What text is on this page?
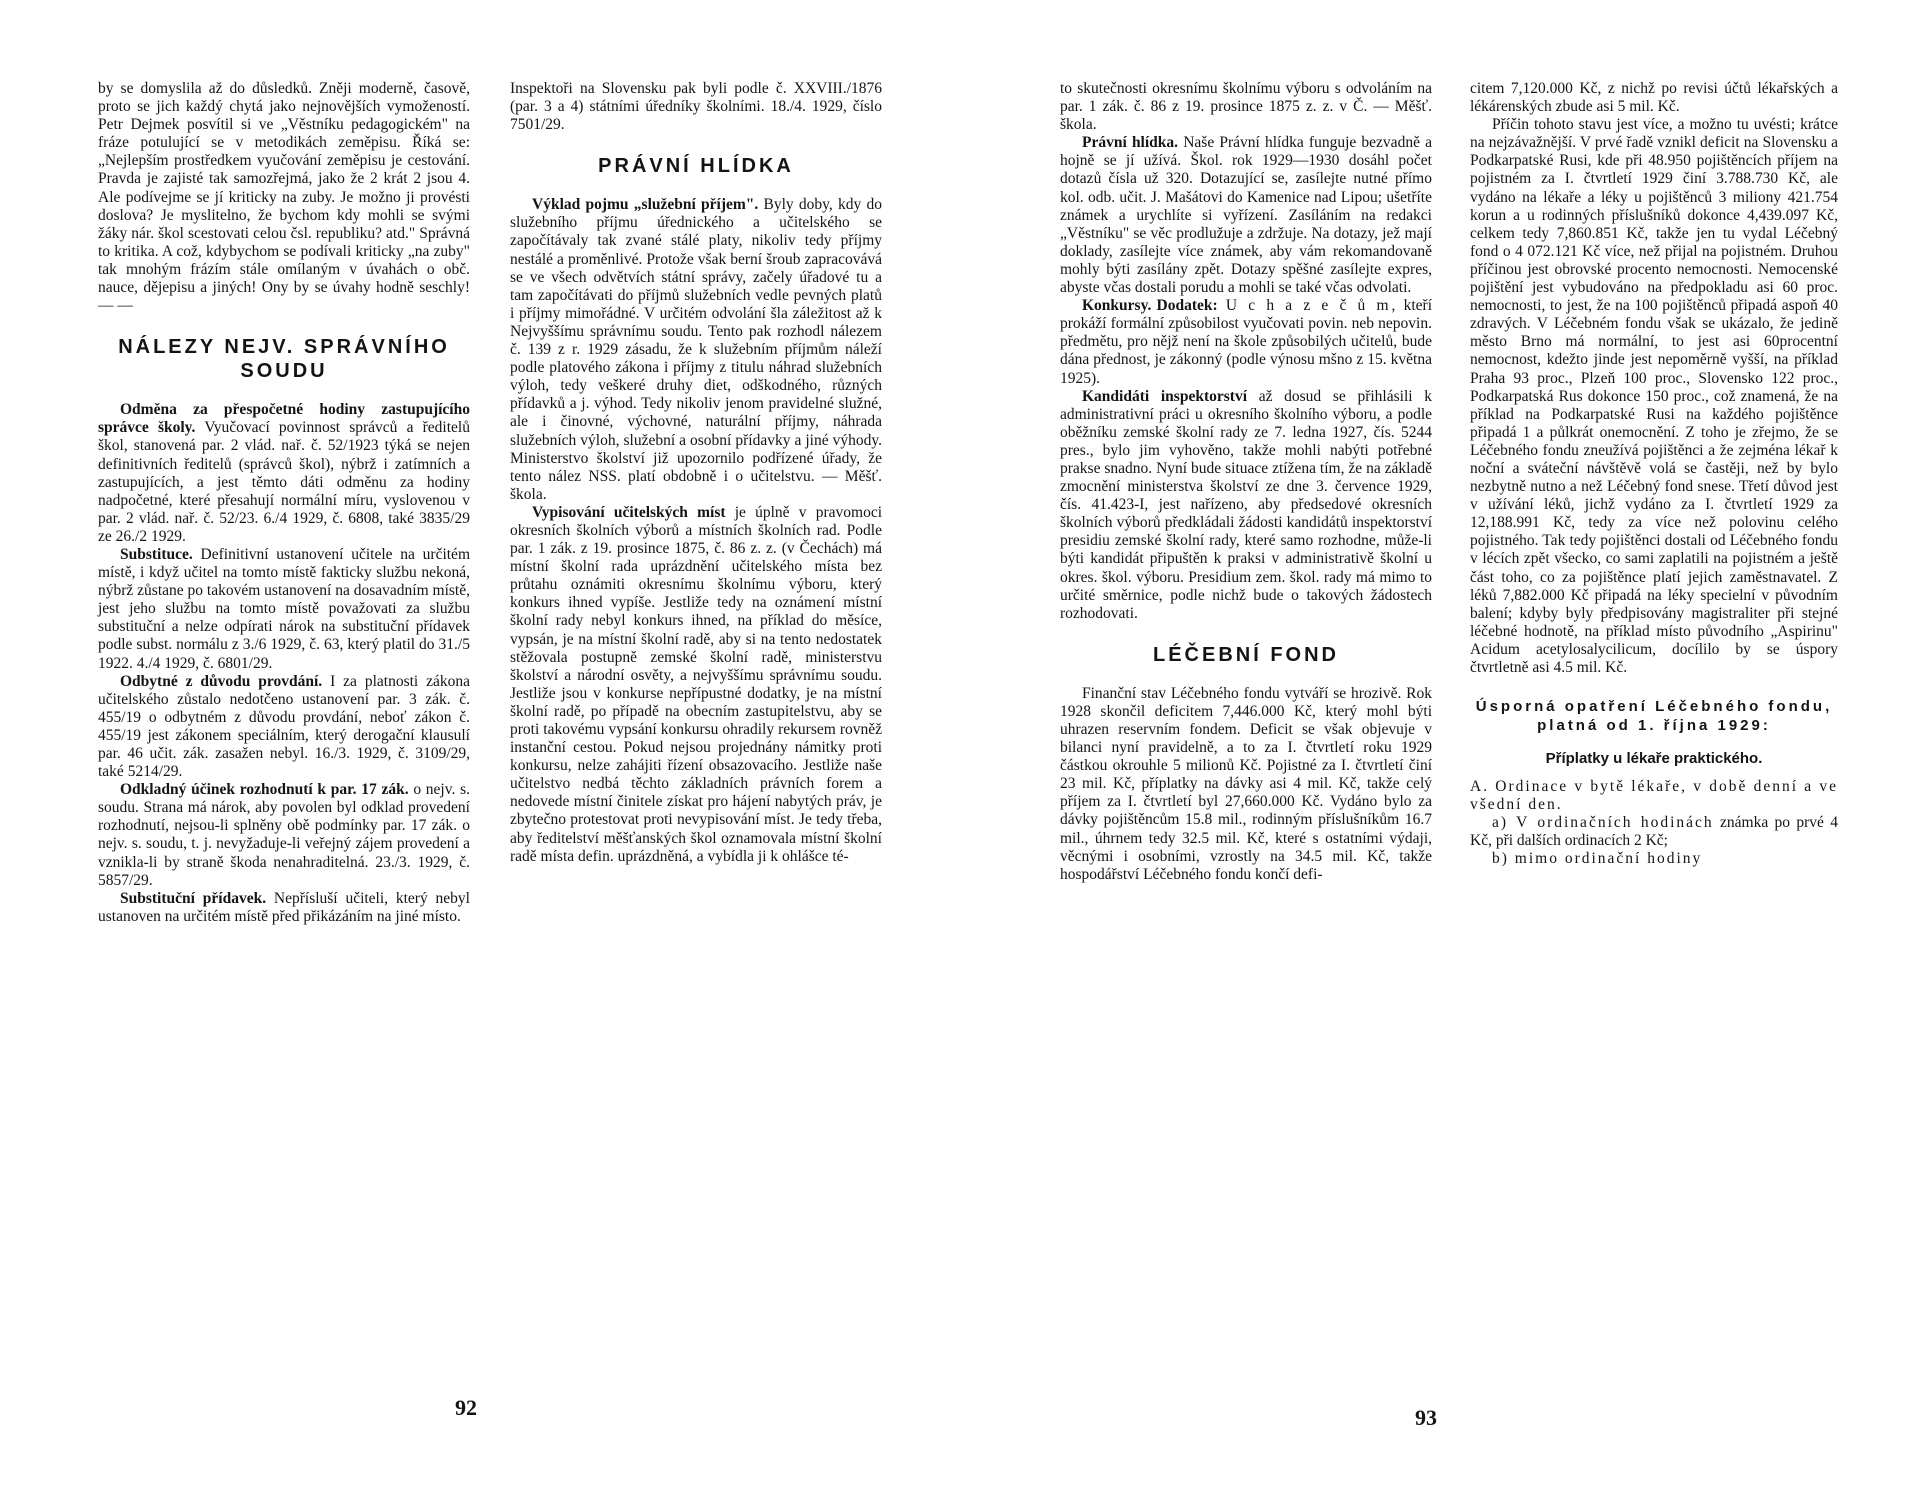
by se domyslila až do důsledků. Zněji moderně, časově, proto se jich každý chytá jako nejnovějších vymožeností. Petr Dejmek posvítil si ve „Věstníku pedagogickém" na fráze potulující se v metodikách zeměpisu. Říká se: „Nejlepším prostředkem vyučování zeměpisu je cestování. Pravda je zajisté tak samozřejmá, jako že 2 krát 2 jsou 4. Ale podívejme se jí kriticky na zuby. Je možno ji provésti doslova? Je myslitelno, že bychom kdy mohli se svými žáky nár. škol scestovati celou čsl. republiku? atd." Správná to kritika. A což, kdybychom se podívali kriticky „na zuby" tak mnohým frázím stále omílaným v úvahách o obč. nauce, dějepisu a jiných! Ony by se úvahy hodně seschly! — —

NÁLEZY NEJV. SPRÁVNÍHO SOUDU

Odměna za přespočetné hodiny zastupujícího správce školy. Vyučovací povinnost správců a ředitelů škol, stanovená par. 2 vlád. nař. č. 52/1923 týká se nejen definitivních ředitelů (správců škol), nýbrž i zatímních a zastupujících, a jest těmto dáti odměnu za hodiny nadpočetné, které přesahují normální míru, vyslovenou v par. 2 vlád. nař. č. 52/23. 6./4 1929, č. 6808, také 3835/29 ze 26./2 1929.

Substituce. Definitivní ustanovení učitele na určitém místě, i když učitel na tomto místě fakticky službu nekoná, nýbrž zůstane po takovém ustanovení na dosavadním místě, jest jeho službu na tomto místě považovati za službu substituční a nelze odpírati nárok na substituční přídavek podle subst. normálu z 3./6 1929, č. 63, který platil do 31./5 1922. 4./4 1929, č. 6801/29.

Odbytné z důvodu provdání. I za platnosti zákona učitelského zůstalo nedotčeno ustanovení par. 3 zák. č. 455/19 o odbytném z důvodu provdání, neboť zákon č. 455/19 jest zákonem speciálním, který derogační klausulí par. 46 učit. zák. zasažen nebyl. 16./3. 1929, č. 3109/29, také 5214/29.

Odkladný účinek rozhodnutí k par. 17 zák. o nejv. s. soudu. Strana má nárok, aby povolen byl odklad provedení rozhodnutí, nejsou-li splněny obě podmínky par. 17 zák. o nejv. s. soudu, t. j. nevyžaduje-li veřejný zájem provedení a vznikla-li by straně škoda nenahraditelná. 23./3. 1929, č. 5857/29.

Substituční přídavek. Nepřísluší učiteli, který nebyl ustanoven na určitém místě před přikázáním na jiné místo.

Inspektoři na Slovensku pak byli podle č. XXVIII./1876 (par. 3 a 4) státními úředníky školními. 18./4. 1929, číslo 7501/29.

PRÁVNÍ HLÍDKA

Výklad pojmu „služební příjem". Byly doby, kdy do služebního příjmu úřednického a učitelského se započítávaly tak zvané stálé platy, nikoliv tedy příjmy nestálé a proměnlivé. Protože však berní šroub zapracovává se ve všech odvětvích státní správy, začely úřadové tu a tam započítávati do příjmů služebních vedle pevných platů i příjmy mimořádné. V určitém odvolání šla záležitost až k Nejvyššímu správnímu soudu. Tento pak rozhodl nálezem č. 139 z r. 1929 zásadu, že k služebním příjmům náleží podle platového zákona i příjmy z titulu náhrad služebních výloh, tedy veškeré druhy diet, odškodného, různých přídavků a j. výhod. Tedy nikoliv jenom pravidelné služné, ale i činovné, výchovné, naturální příjmy, náhrada služebních výloh, služební a osobní přídavky a jiné výhody. Ministerstvo školství již upozornilo podřízené úřady, že tento nález NSS. platí obdobně i o učitelstvu. — Měšť. škola.

Vypisování učitelských míst je úplně v pravomoci okresních školních výborů a místních školních rad. Podle par. 1 zák. z 19. prosince 1875, č. 86 z. z. (v Čechách) má místní školní rada uprázdnění učitelského místa bez průtahu oznámiti okresnímu školnímu výboru, který konkurs ihned vypíše. Jestliže tedy na oznámení místní školní rady nebyl konkurs ihned, na příklad do měsíce, vypsán, je na místní školní radě, aby si na tento nedostatek stěžovala postupně zemské školní radě, ministerstvu školství a národní osvěty, a nejvyššímu správnímu soudu. Jestliže jsou v konkurse nepřípustné dodatky, je na místní školní radě, po případě na obecním zastupitelstvu, aby se proti takovému vypsání konkursu ohradily rekursem rovněž instanční cestou. Pokud nejsou projednány námitky proti konkursu, nelze zahájiti řízení obsazovacího. Jestliže naše učitelstvo nedbá těchto základních právních forem a nedovede místní činitele získat pro hájení nabytých práv, je zbytečno protestovat proti nevypisování míst. Je tedy třeba, aby ředitelství měšťanských škol oznamovala místní školní radě místa defin. uprázdněná, a vybídla ji k ohlášce té-

92

to skutečnosti okresnímu školnímu výboru s odvoláním na par. 1 zák. č. 86 z 19. prosince 1875 z. z. v Č. — Měšť. škola.

Právní hlídka. Naše Právní hlídka funguje bezvadně a hojně se jí užívá. Škol. rok 1929—1930 dosáhl počet dotazů čísla už 320. Dotazující se, zasílejte nutné přímo kol. odb. učit. J. Mašátovi do Kamenice nad Lipou; ušetříte známek a urychlíte si vyřízení. Zasíláním na redakci „Věstníku" se věc prodlužuje a zdržuje. Na dotazy, jež mají doklady, zasílejte více známek, aby vám rekomandovaně mohly býti zasílány zpět. Dotazy spěšné zasílejte expres, abyste včas dostali porudu a mohli se také včas odvolati.

Konkursy. Dodatek: U c h a z e č ů m, kteří prokáží formální způsobilost vyučovati povin. neb nepovin. předmětu, pro nějž není na škole způsobilých učitelů, bude dána přednost, je zákonný (podle výnosu mšno z 15. května 1925).

Kandidáti inspektorství až dosud se přihlásili k administrativní práci u okresního školního výboru, a podle oběžníku zemské školní rady ze 7. ledna 1927, čís. 5244 pres., bylo jim vyhověno, takže mohli nabýti potřebné prakse snadno. Nyní bude situace ztížena tím, že na základě zmocnění ministerstva školství ze dne 3. července 1929, čís. 41.423-I, jest nařízeno, aby předsedové okresních školních výborů předkládali žádosti kandidátů inspektorství presidiu zemské školní rady, které samo rozhodne, může-li býti kandidát připuštěn k praksi v administrativě školní u okres. škol. výboru. Presidium zem. škol. rady má mimo to určité směrnice, podle nichž bude o takových žádostech rozhodovati.

LÉČEBNÍ FOND

Finanční stav Léčebného fondu vytváří se hrozivě. Rok 1928 skončil deficitem 7,446.000 Kč, který mohl býti uhrazen reservním fondem. Deficit se však objevuje v bilanci nyní pravidelně, a to za I. čtvrtletí roku 1929 částkou okrouhle 5 milionů Kč. Pojistné za I. čtvrtletí činí 23 mil. Kč, příplatky na dávky asi 4 mil. Kč, takže celý příjem za I. čtvrtletí byl 27,660.000 Kč. Vydáno bylo za dávky pojištěncům 15.8 mil., rodinným příslušníkům 16.7 mil., úhrnem tedy 32.5 mil. Kč, které s ostatními výdaji, věcnými i osobními, vzrostly na 34.5 mil. Kč, takže hospodářství Léčebného fondu končí defi-

citem 7,120.000 Kč, z nichž po revisi účtů lékařských a lékárenských zbude asi 5 mil. Kč.

Příčin tohoto stavu jest více, a možno tu uvésti; krátce na nejzávažnější. V prvé řadě vznikl deficit na Slovensku a Podkarpatské Rusi, kde při 48.950 pojištěncích příjem na pojistném za I. čtvrtletí 1929 činí 3.788.730 Kč, ale vydáno na lékaře a léky u pojištěnců 3 miliony 421.754 korun a u rodinných příslušníků dokonce 4,439.097 Kč, celkem tedy 7,860.851 Kč, takže jen tu vydal Léčebný fond o 4 072.121 Kč více, než přijal na pojistném. Druhou příčinou jest obrovské procento nemocnosti. Nemocenské pojištění jest vybudováno na předpokladu asi 60 proc. nemocnosti, to jest, že na 100 pojištěnců připadá aspoň 40 zdravých. V Léčebném fondu však se ukázalo, že jedině město Brno má normální, to jest asi 60procentní nemocnost, kdežto jinde jest nepoměrně vyšší, na příklad Praha 93 proc., Plzeň 100 proc., Slovensko 122 proc., Podkarpatská Rus dokonce 150 proc., což znamená, že na příklad na Podkarpatské Rusi na každého pojištěnce připadá 1 a půlkrát onemocnění. Z toho je zřejmo, že se Léčebného fondu zneužívá pojištěnci a že zejména lékař k noční a sváteční návštěvě volá se častěji, než by bylo nezbytně nutno a než Léčebný fond snese. Třetí důvod jest v užívání léků, jichž vydáno za I. čtvrtletí 1929 za 12,188.991 Kč, tedy za více než polovinu celého pojistného. Tak tedy pojištěnci dostali od Léčebného fondu v lécích zpět všecko, co sami zaplatili na pojistném a ještě část toho, co za pojištěnce platí jejich zaměstnavatel. Z léků 7,882.000 Kč připadá na léky specielní v původním balení; kdyby byly předpisovány magistraliter při stejné léčebné hodnotě, na příklad místo původního „Aspirinu" Acidum acetylosalycilicum, docílilo by se úspory čtvrtletně asi 4.5 mil. Kč.

Úsporná opatření Léčebného fondu, platná od 1. října 1929:
Příplatky u lékaře praktického.

A. Ordinace v bytě lékaře, v době denní a ve všední den.

a) V ordinačních hodinách známka po prvé 4 Kč, při dalších ordinacích 2 Kč;

b) mimo ordinační hodiny

93
